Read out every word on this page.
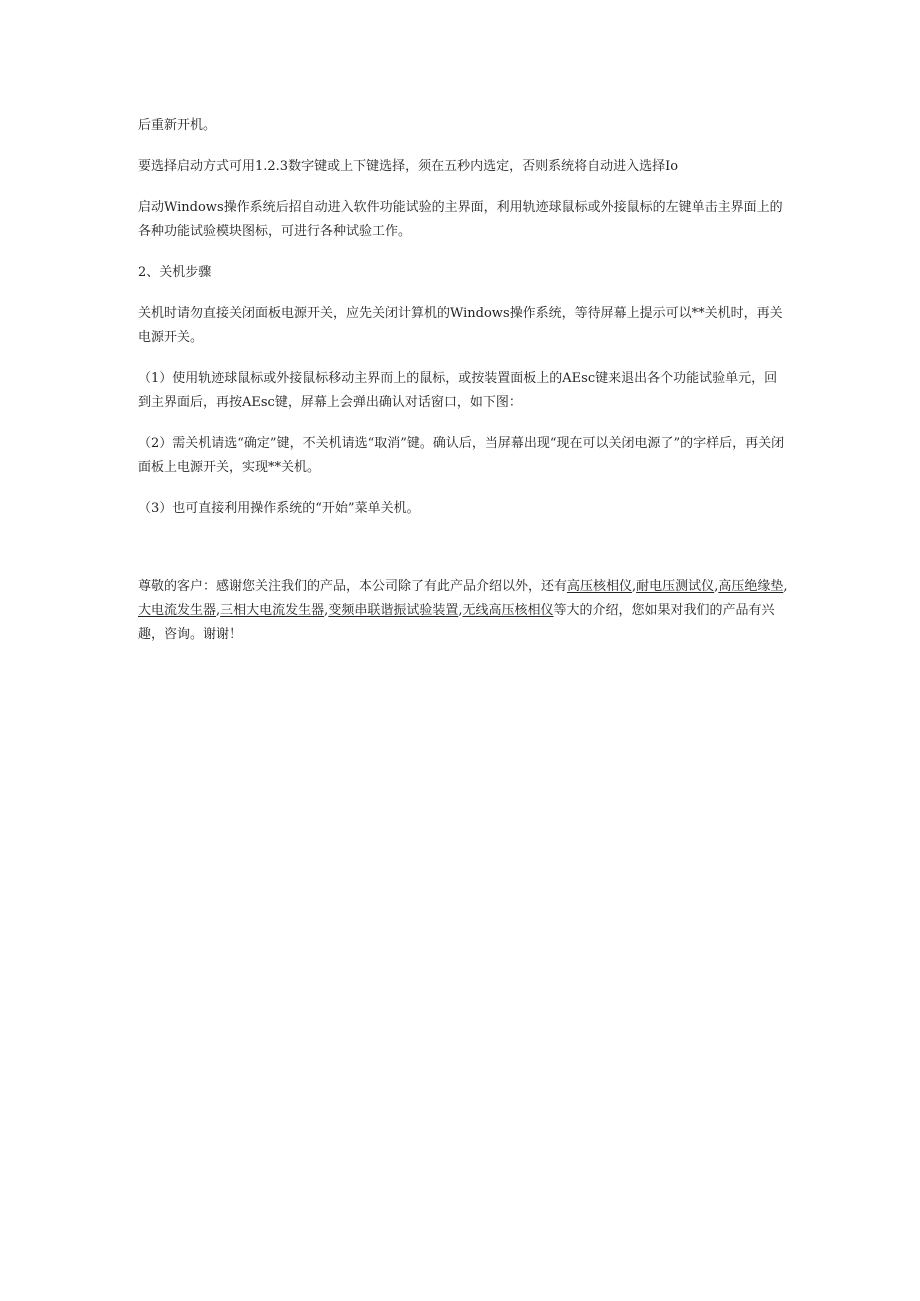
后重新开机。

要选择启动方式可用1.2.3数字键或上下键选择，须在五秒内选定，否则系统将自动进入选择Io

启动Windows操作系统后招自动进入软件功能试验的主界面，利用轨迹球鼠标或外接鼠标的左键单击主界面上的各种功能试验模块图标，可进行各种试验工作。

2、关机步骤

关机时请勿直接关闭面板电源开关，应先关闭计算机的Windows操作系统，等待屏幕上提示可以**关机时，再关电源开关。

（1）使用轨迹球鼠标或外接鼠标移动主界而上的鼠标，或按装置面板上的AEsc键来退出各个功能试验单元，回到主界面后，再按AEsc键，屏幕上会弹出确认对话窗口，如下图：

（2）需关机请选“确定”键，不关机请选“取消”键。确认后，当屏幕出现“现在可以关闭电源了”的字样后，再关闭面板上电源开关，实现**关机。

（3）也可直接利用操作系统的“开始”菜单关机。

尊敬的客户：感谢您关注我们的产品，本公司除了有此产品介绍以外，还有高压核相仪,耐电压测试仪,高压绝缘垫,大电流发生器,三相大电流发生器,变频串联谐振试验装置,无线高压核相仪等大的介绍，您如果对我们的产品有兴趣，咨询。谢谢！
